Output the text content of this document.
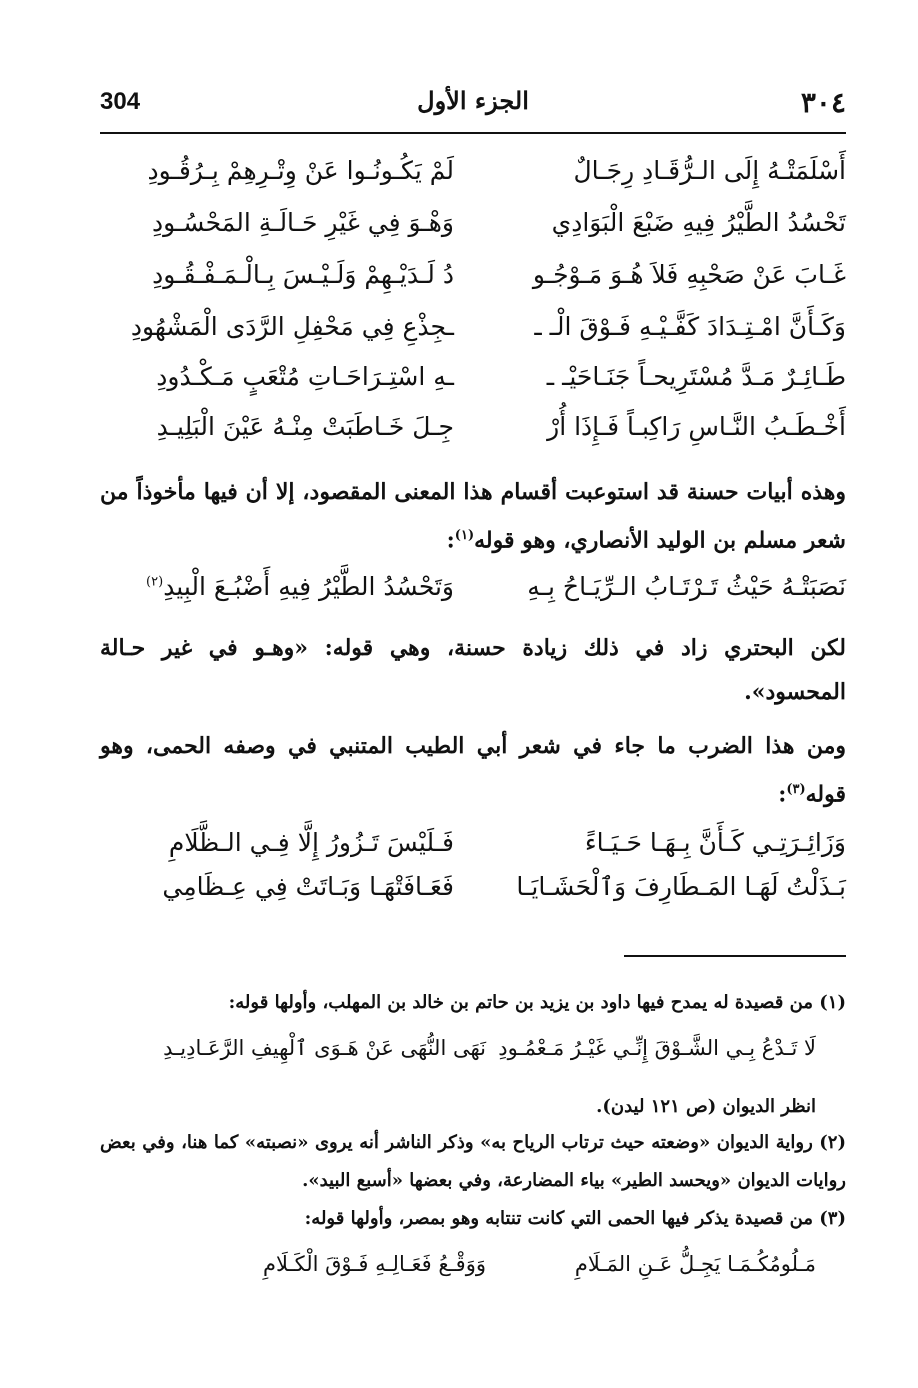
٣٠٤
الجزء الأول
304
أَسْلَمَتْـهُ إِلَى الـرُّقَـادِ رِجَـالٌ
لَمْ يَكُـونُـوا عَنْ وِتْـرِهِمْ بِـرُقُـودِ
تَحْسُدُ الطَّيْرُ فِيهِ ضَبْعَ الْبَوَادِي
وَهْـوَ فِي غَيْرِ حَـالَـةِ المَحْسُـودِ
غَـابَ عَنْ صَحْبِهِ فَلاَ هُـوَ مَـوْجُـو
دُ لَـدَيْـهِمْ وَلَـيْـسَ بِـالْـمَـفْـقُـودِ
وَكَـأَنَّ امْـتِـدَادَ كَفَّـيْـهِ فَـوْقَ الْـ ـ
ـجِذْعِ فِي مَحْفِلِ الرَّدَى الْمَشْهُودِ
طَـائِـرٌ مَـدَّ مُسْتَرِيحـاً جَنَـاحَيْـ ـ
ـهِ اسْتِـرَاحَـاتِ مُتْعَبٍ مَـكْـدُودِ
أَخْـطَـبُ النَّـاسِ رَاكِبـاً فَـإِذَا أُرْ
جِـلَ خَـاطَبَتْ مِنْـهُ عَيْنَ الْبَلِيـدِ
وهذه أبيات حسنة قد استوعبت أقسام هذا المعنى المقصود، إلا أن فيها مأخوذاً من شعر مسلم بن الوليد الأنصاري، وهو قوله$^{(١)}$:
نَصَبَتْـهُ حَيْثُ تَـرْتَـابُ الـرِّيَـاحُ بِـهِ
وَتَحْسُدُ الطَّيْرُ فِيهِ أَضْبُـعَ الْبِيدِ$^{(٢)}$
لكن البحتري زاد في ذلك زيادة حسنة، وهي قوله: «وهـو في غير حـالة المحسود».
ومن هذا الضرب ما جاء في شعر أبي الطيب المتنبي في وصفه الحمى، وهو قوله$^{(٣)}$:
وَزَائِـرَتِـي كَـأَنَّ بِـهَـا حَـيَـاءً
فَـلَيْسَ تَـزُورُ إِلَّا فِـي الـظَّلَامِ
بَـذَلْتُ لَهَـا المَـطَارِفَ وَٱلْحَشَـايَـا
فَعَـافَتْهَـا وَبَـاتَتْ فِي عِـظَامِي
(١) من قصيدة له يمدح فيها داود بن يزيد بن حاتم بن خالد بن المهلب، وأولها قوله:
لَا تَـدْعُ بِـي الشَّـوْقَ إِنِّـي غَيْـرُ مَـعْمُـودِ
نَهَى النُّهَى عَنْ هَـوَى ٱلْهِيفِ الرَّعَـادِيـدِ
انظر الديوان (ص ١٢١ ليدن).
(٢) رواية الديوان «وضعته حيث ترتاب الرياح به» وذكر الناشر أنه يروى «نصبته» كما هنا، وفي بعض روايات الديوان «ويحسد الطير» بياء المضارعة، وفي بعضها «أسبع البيد».
(٣) من قصيدة يذكر فيها الحمى التي كانت تنتابه وهو بمصر، وأولها قوله:
مَـلُومُكُـمَـا يَجِـلُّ عَـنِ المَـلَامِ
وَوَقْـعُ فَعَـالِـهِ فَـوْقَ الْكَـلَامِ
